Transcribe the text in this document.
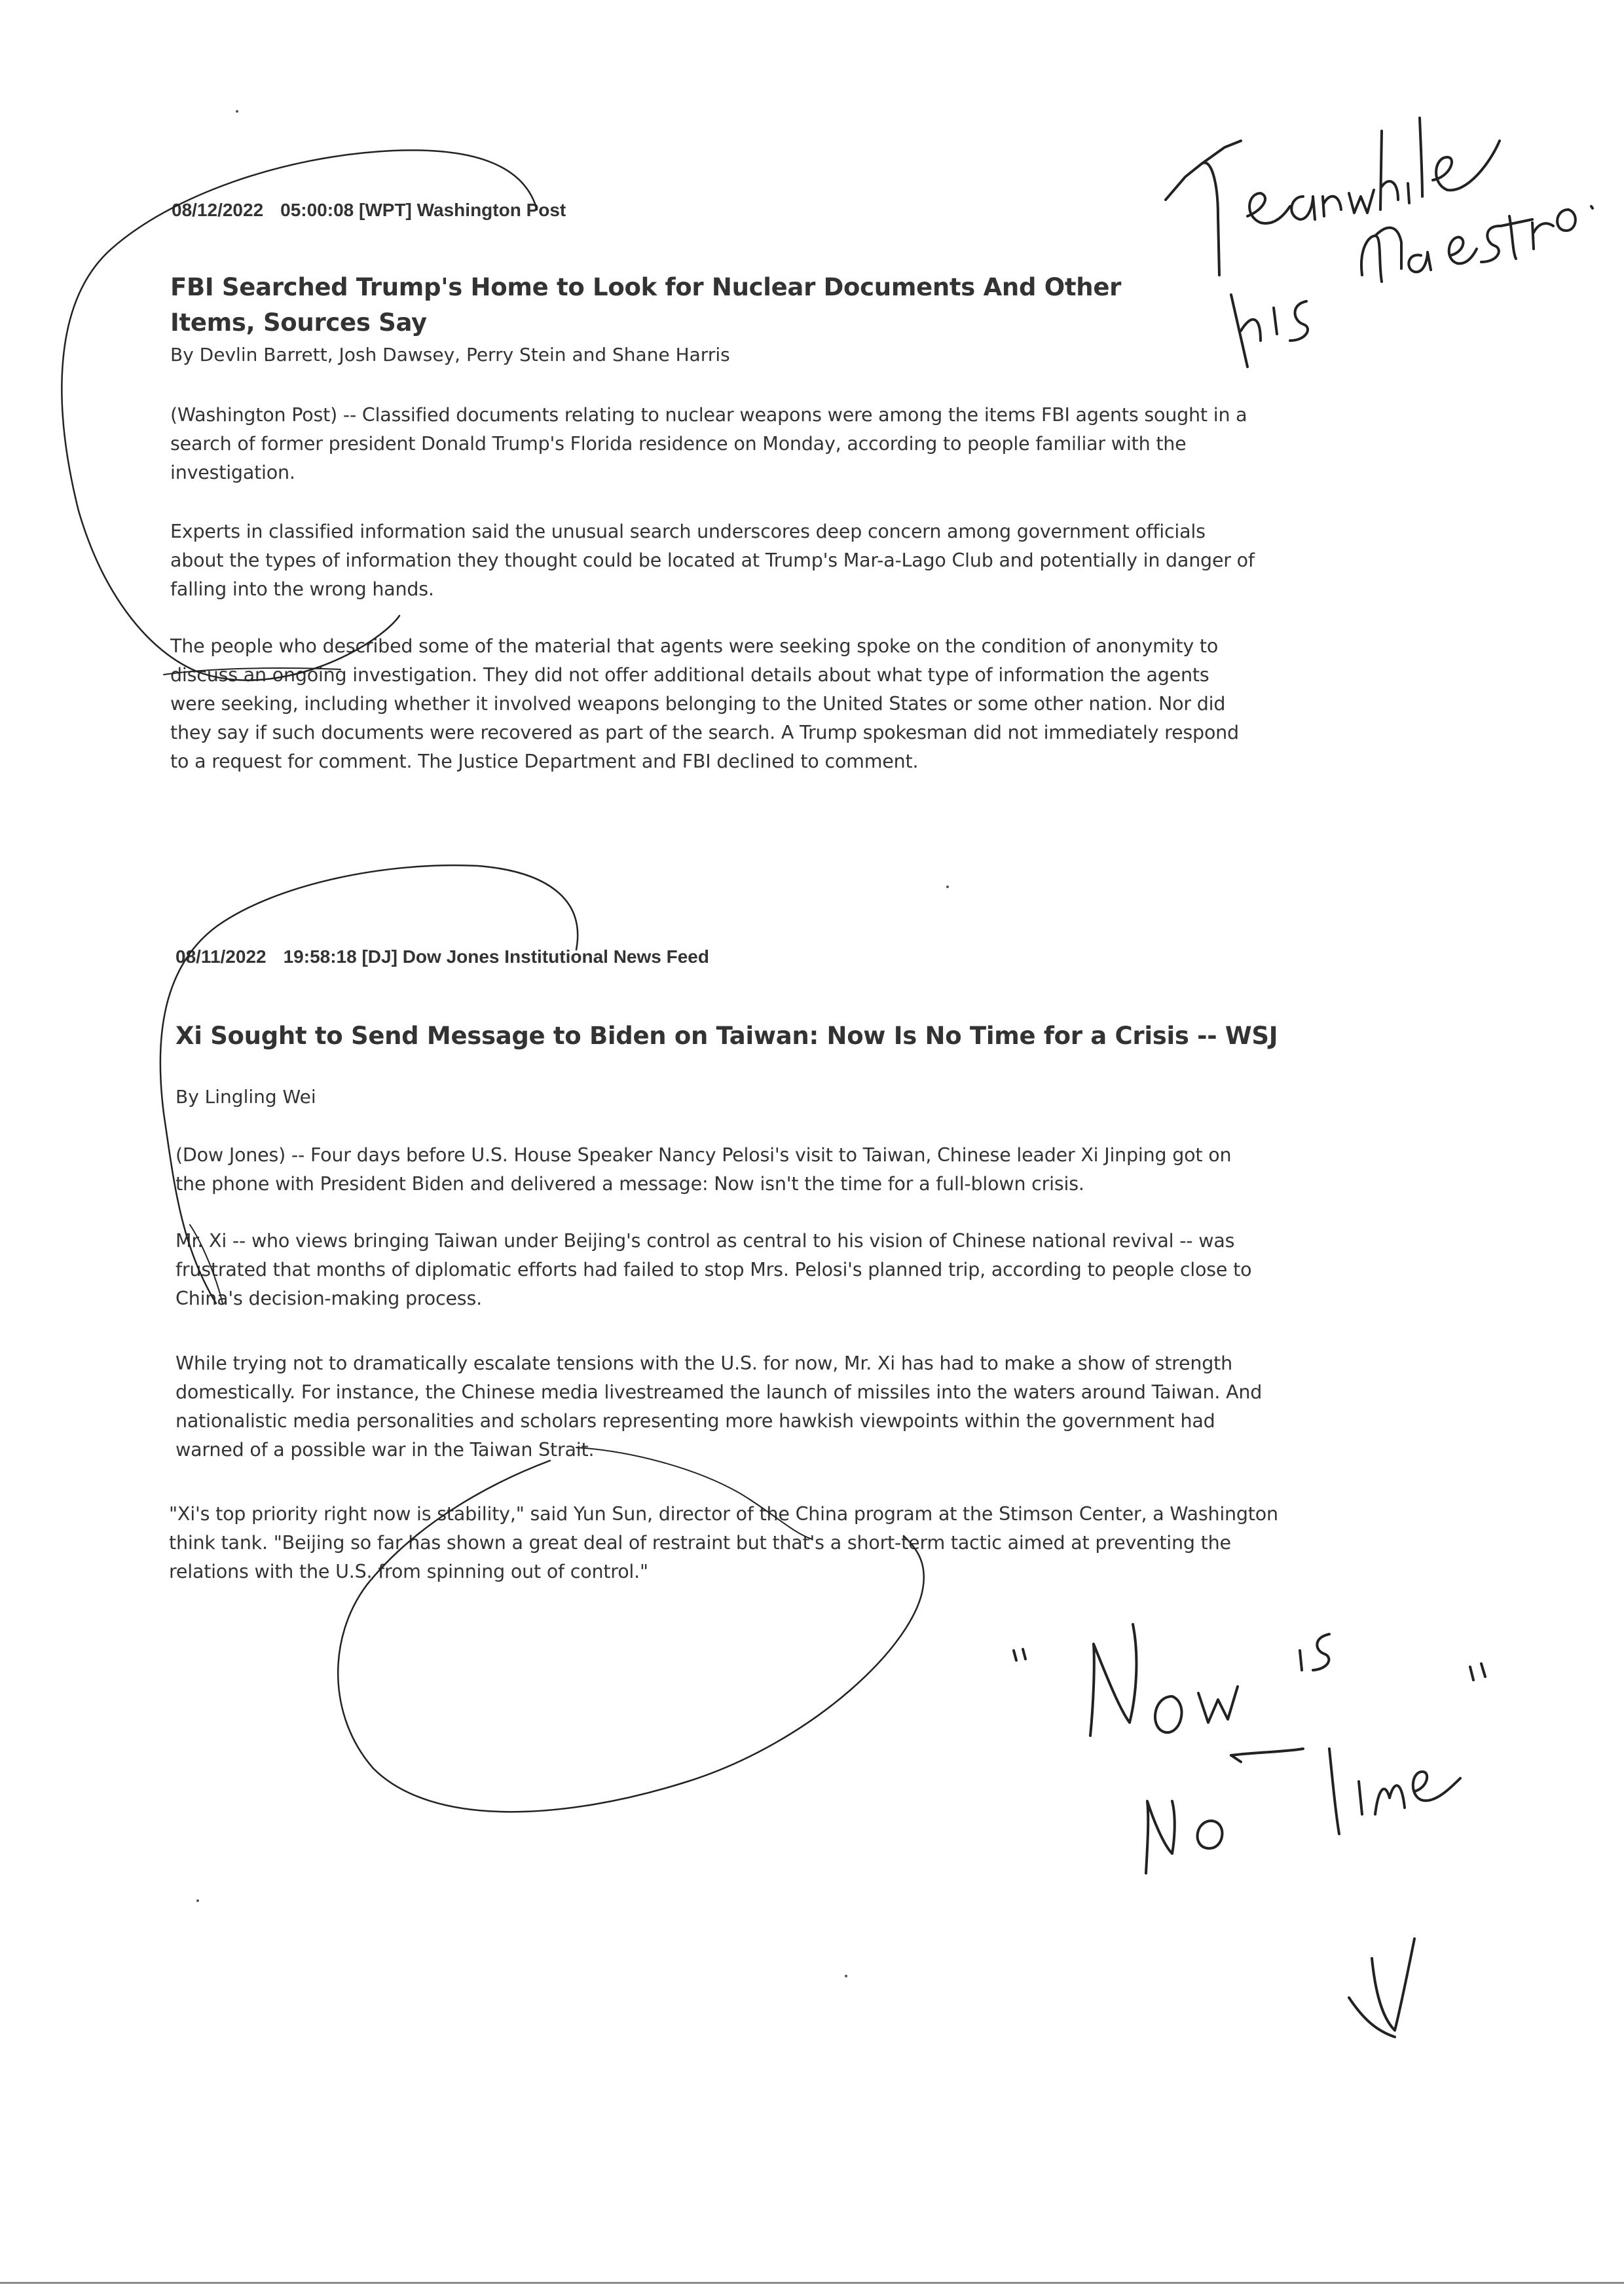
08/12/2022 05:00:08 [WPT] Washington Post
FBI Searched Trump's Home to Look for Nuclear Documents And Other Items, Sources Say
By Devlin Barrett, Josh Dawsey, Perry Stein and Shane Harris
(Washington Post) -- Classified documents relating to nuclear weapons were among the items FBI agents sought in a search of former president Donald Trump's Florida residence on Monday, according to people familiar with the investigation.
Experts in classified information said the unusual search underscores deep concern among government officials about the types of information they thought could be located at Trump's Mar-a-Lago Club and potentially in danger of falling into the wrong hands.
The people who described some of the material that agents were seeking spoke on the condition of anonymity to discuss an ongoing investigation. They did not offer additional details about what type of information the agents were seeking, including whether it involved weapons belonging to the United States or some other nation. Nor did they say if such documents were recovered as part of the search. A Trump spokesman did not immediately respond to a request for comment. The Justice Department and FBI declined to comment.
08/11/2022 19:58:18 [DJ] Dow Jones Institutional News Feed
Xi Sought to Send Message to Biden on Taiwan: Now Is No Time for a Crisis -- WSJ
By Lingling Wei
(Dow Jones) -- Four days before U.S. House Speaker Nancy Pelosi's visit to Taiwan, Chinese leader Xi Jinping got on the phone with President Biden and delivered a message: Now isn't the time for a full-blown crisis.
Mr. Xi -- who views bringing Taiwan under Beijing's control as central to his vision of Chinese national revival -- was frustrated that months of diplomatic efforts had failed to stop Mrs. Pelosi's planned trip, according to people close to China's decision-making process.
While trying not to dramatically escalate tensions with the U.S. for now, Mr. Xi has had to make a show of strength domestically. For instance, the Chinese media livestreamed the launch of missiles into the waters around Taiwan. And nationalistic media personalities and scholars representing more hawkish viewpoints within the government had warned of a possible war in the Taiwan Strait.
"Xi's top priority right now is stability," said Yun Sun, director of the China program at the Stimson Center, a Washington think tank. "Beijing so far has shown a great deal of restraint but that's a short-term tactic aimed at preventing the relations with the U.S. from spinning out of control."
